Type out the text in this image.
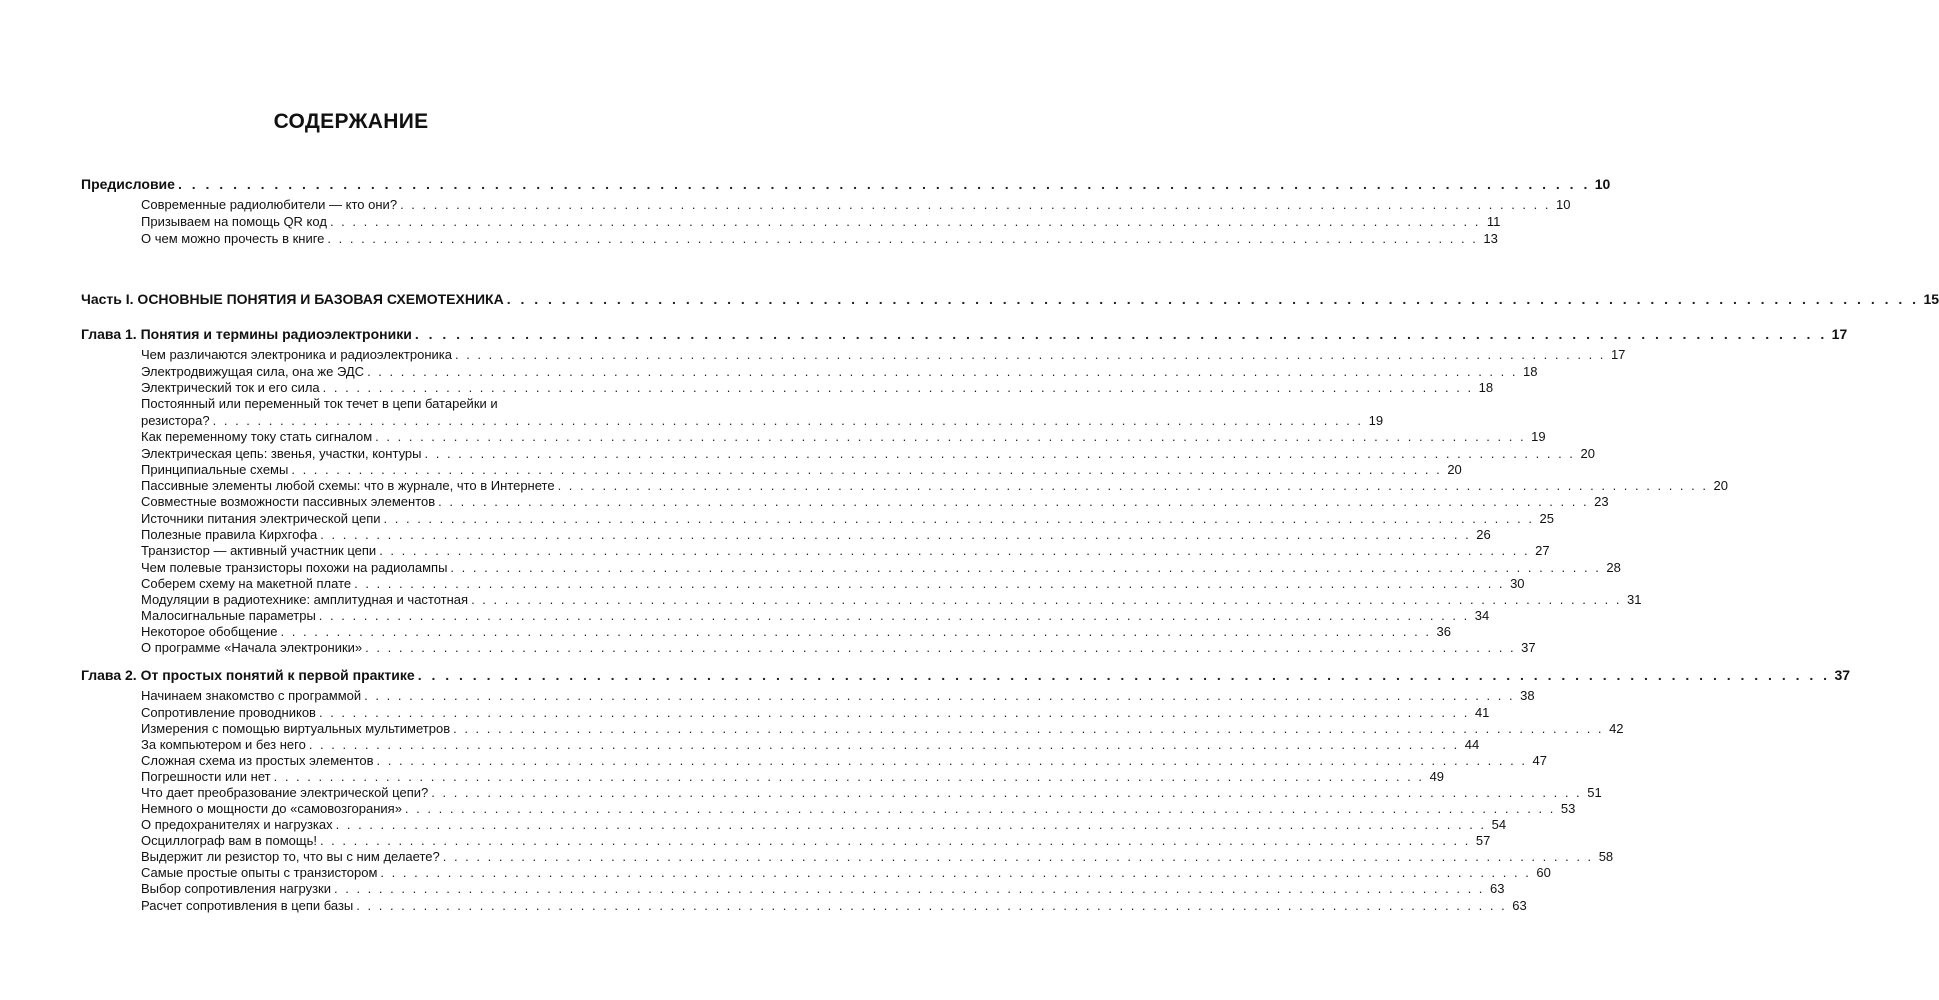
СОДЕРЖАНИЕ
Предисловие . . .	10
Современные радиолюбители — кто они? . . .	10
Призываем на помощь QR код . . .	11
О чем можно прочесть в книге . . .	13
Часть I. ОСНОВНЫЕ ПОНЯТИЯ И БАЗОВАЯ СХЕМОТЕХНИКА . . .	15
Глава 1. Понятия и термины радиоэлектроники . . .	17
Чем различаются электроника и радиоэлектроника . . .	17
Электродвижущая сила, она же ЭДС . . .	18
Электрический ток и его сила . . .	18
Постоянный или переменный ток течет в цепи батарейки и
резистора? . . .	19
Как переменному току стать сигналом . . .	19
Электрическая цепь: звенья, участки, контуры . . .	20
Принципиальные схемы . . .	20
Пассивные элементы любой схемы: что в журнале, что в Интернете . . .	20
Совместные возможности пассивных элементов . . .	23
Источники питания электрической цепи . . .	25
Полезные правила Кирхгофа . . .	26
Транзистор — активный участник цепи . . .	27
Чем полевые транзисторы похожи на радиолампы . . .	28
Соберем схему на макетной плате . . .	30
Модуляции в радиотехнике: амплитудная и частотная . . .	31
Малосигнальные параметры . . .	34
Некоторое обобщение . . .	36
О программе «Начала электроники» . . .	37
Глава 2. От простых понятий к первой практике . . .	37
Начинаем знакомство с программой . . .	38
Сопротивление проводников . . .	41
Измерения с помощью виртуальных мультиметров . . .	42
За компьютером и без него . . .	44
Сложная схема из простых элементов . . .	47
Погрешности или нет . . .	49
Что дает преобразование электрической цепи? . . .	51
Немного о мощности до «самовозгорания» . . .	53
О предохранителях и нагрузках . . .	54
Осциллограф вам в помощь! . . .	57
Выдержит ли резистор то, что вы с ним делаете? . . .	58
Самые простые опыты с транзистором . . .	60
Выбор сопротивления нагрузки . . .	63
Расчет сопротивления в цепи базы . . .	63
